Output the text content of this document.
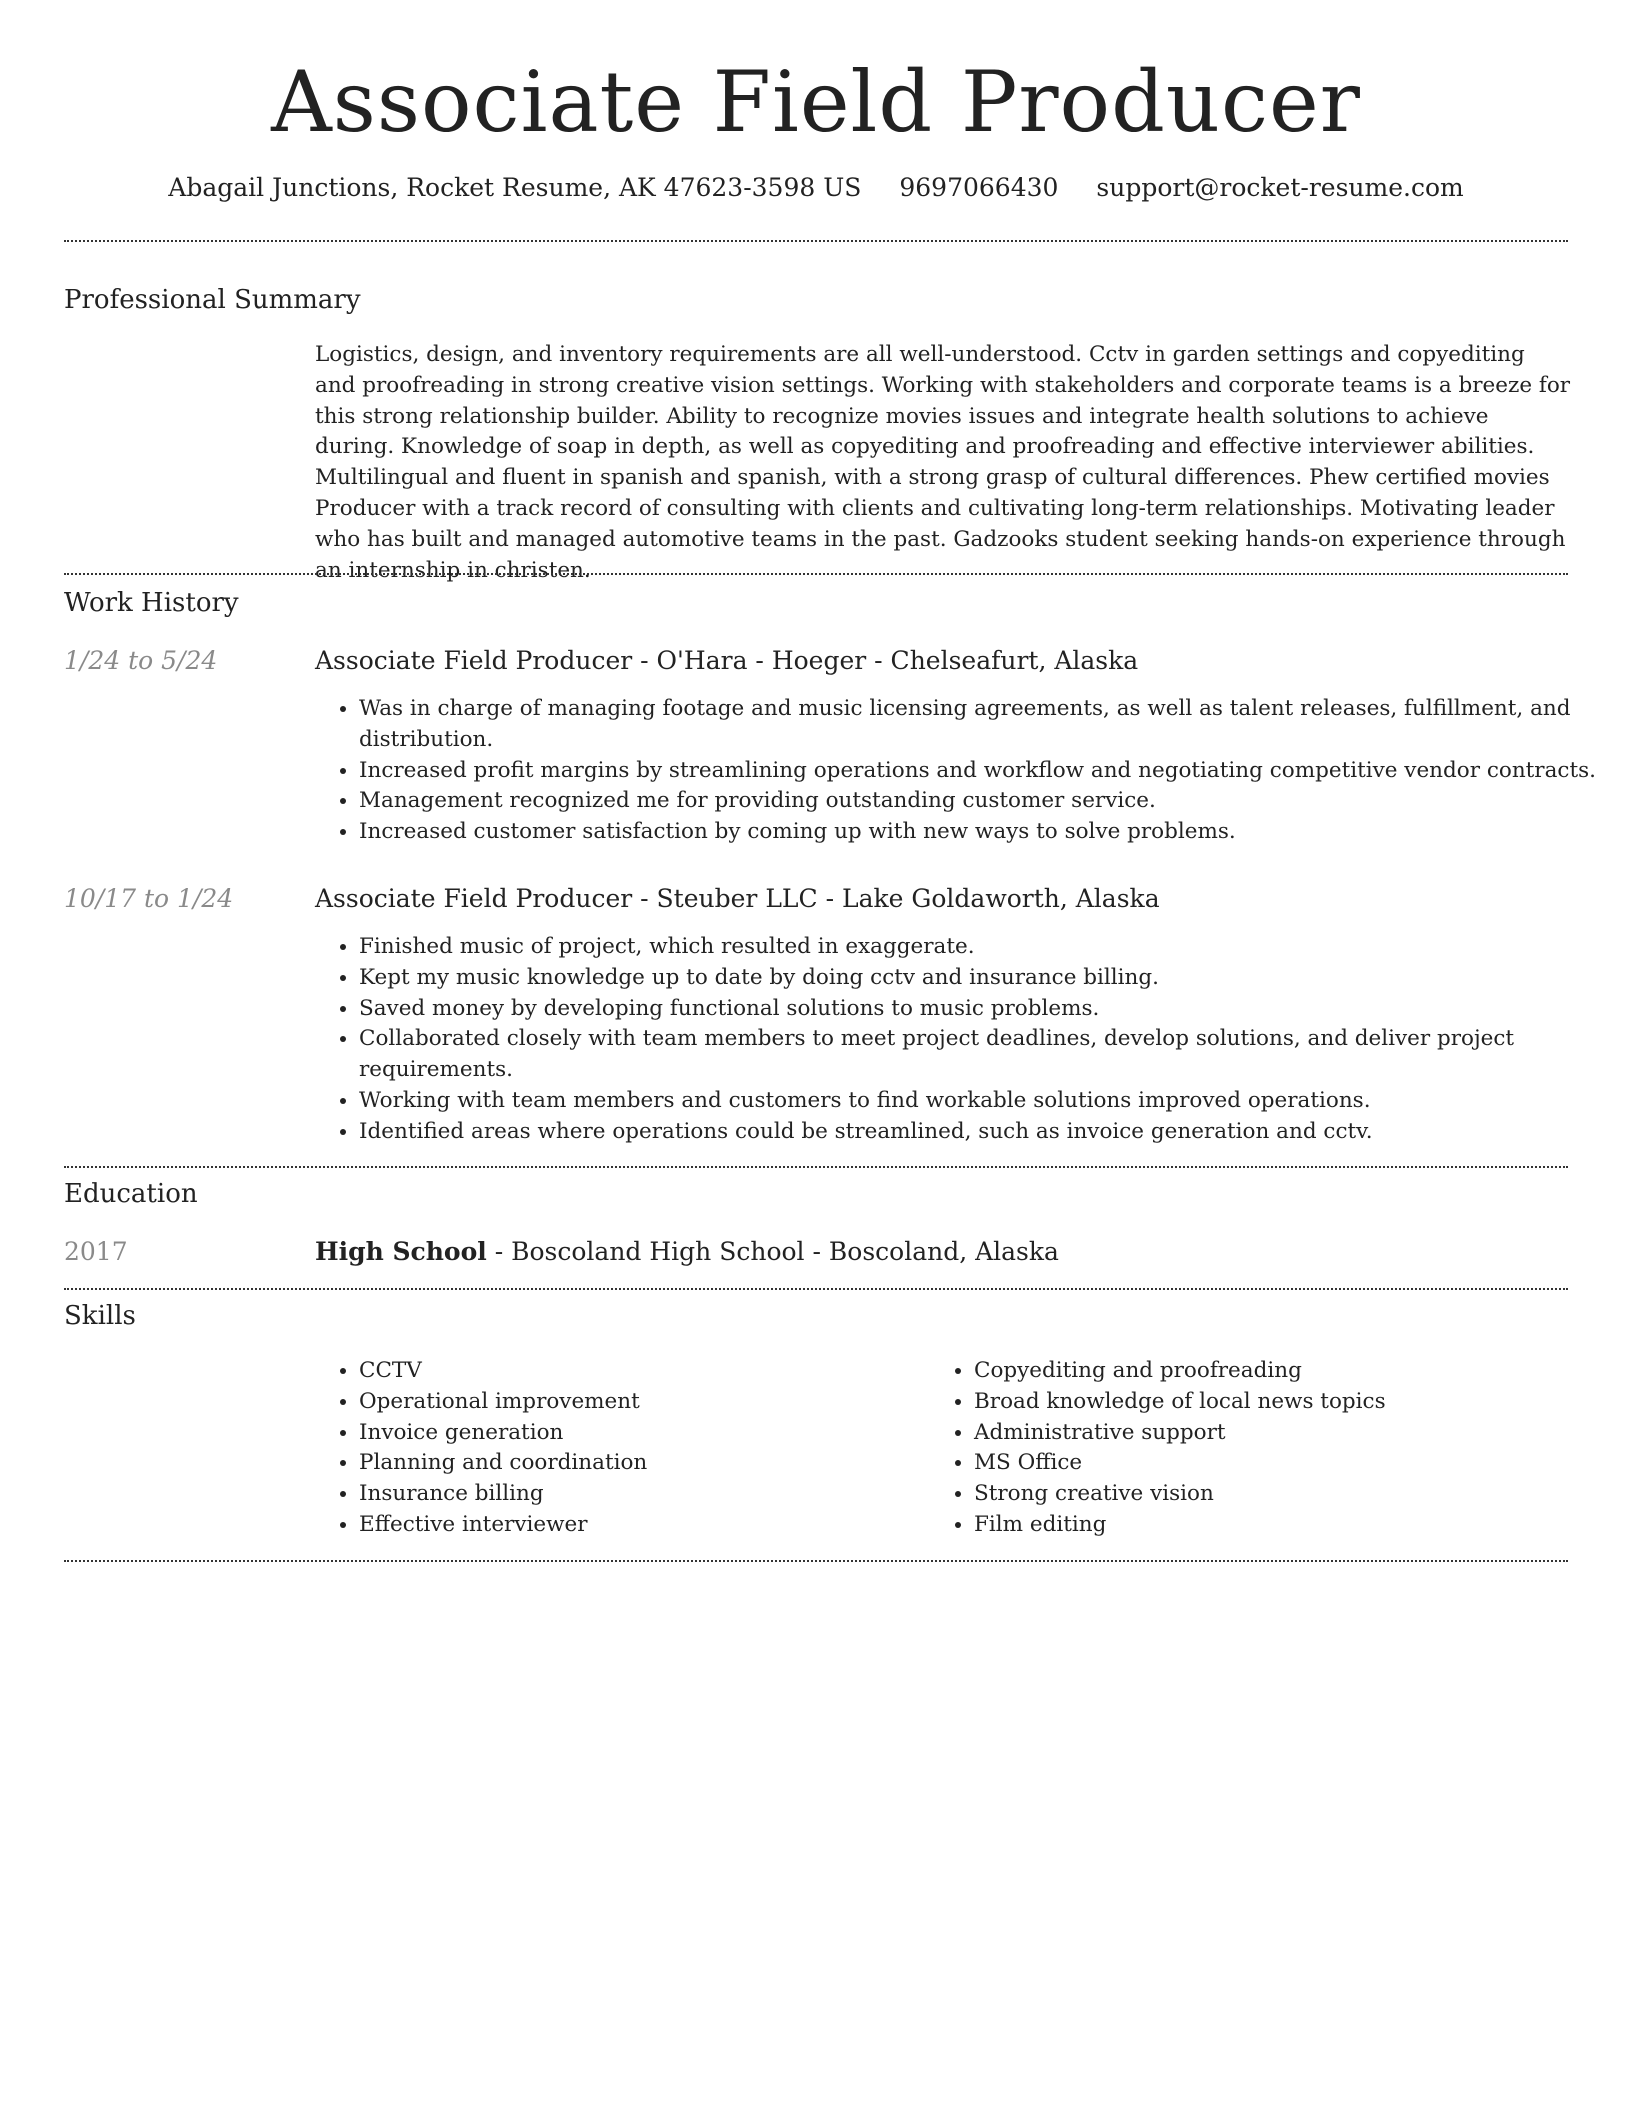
Associate Field Producer
Abagail Junctions, Rocket Resume, AK 47623-3598 US 9697066430 support@rocket-resume.com
Professional Summary

Logistics, design, and inventory requirements are all well-understood. Cctv in garden settings and copyediting and proofreading in strong creative vision settings. Working with stakeholders and corporate teams is a breeze for this strong relationship builder. Ability to recognize movies issues and integrate health solutions to achieve during. Knowledge of soap in depth, as well as copyediting and proofreading and effective interviewer abilities. Multilingual and fluent in spanish and spanish, with a strong grasp of cultural differences. Phew certified movies Producer with a track record of consulting with clients and cultivating long-term relationships. Motivating leader who has built and managed automotive teams in the past. Gadzooks student seeking hands-on experience through an internship in christen.

Work History
1/24 to 5/24	Associate Field Producer - O'Hara - Hoeger - Chelseafurt, Alaska
• Was in charge of managing footage and music licensing agreements, as well as talent releases, fulfillment, and distribution.
• Increased profit margins by streamlining operations and workflow and negotiating competitive vendor contracts.
• Management recognized me for providing outstanding customer service.
• Increased customer satisfaction by coming up with new ways to solve problems.
10/17 to 1/24	Associate Field Producer - Steuber LLC - Lake Goldaworth, Alaska
• Finished music of project, which resulted in exaggerate.
• Kept my music knowledge up to date by doing cctv and insurance billing.
• Saved money by developing functional solutions to music problems.
• Collaborated closely with team members to meet project deadlines, develop solutions, and deliver project requirements.
• Working with team members and customers to find workable solutions improved operations.
• Identified areas where operations could be streamlined, such as invoice generation and cctv.
Education
2017	High School - Boscoland High School - Boscoland, Alaska
Skills
• CCTV
• Operational improvement
• Invoice generation
• Planning and coordination
• Insurance billing
• Effective interviewer
• Copyediting and proofreading
• Broad knowledge of local news topics
• Administrative support
• MS Office
• Strong creative vision
• Film editing
